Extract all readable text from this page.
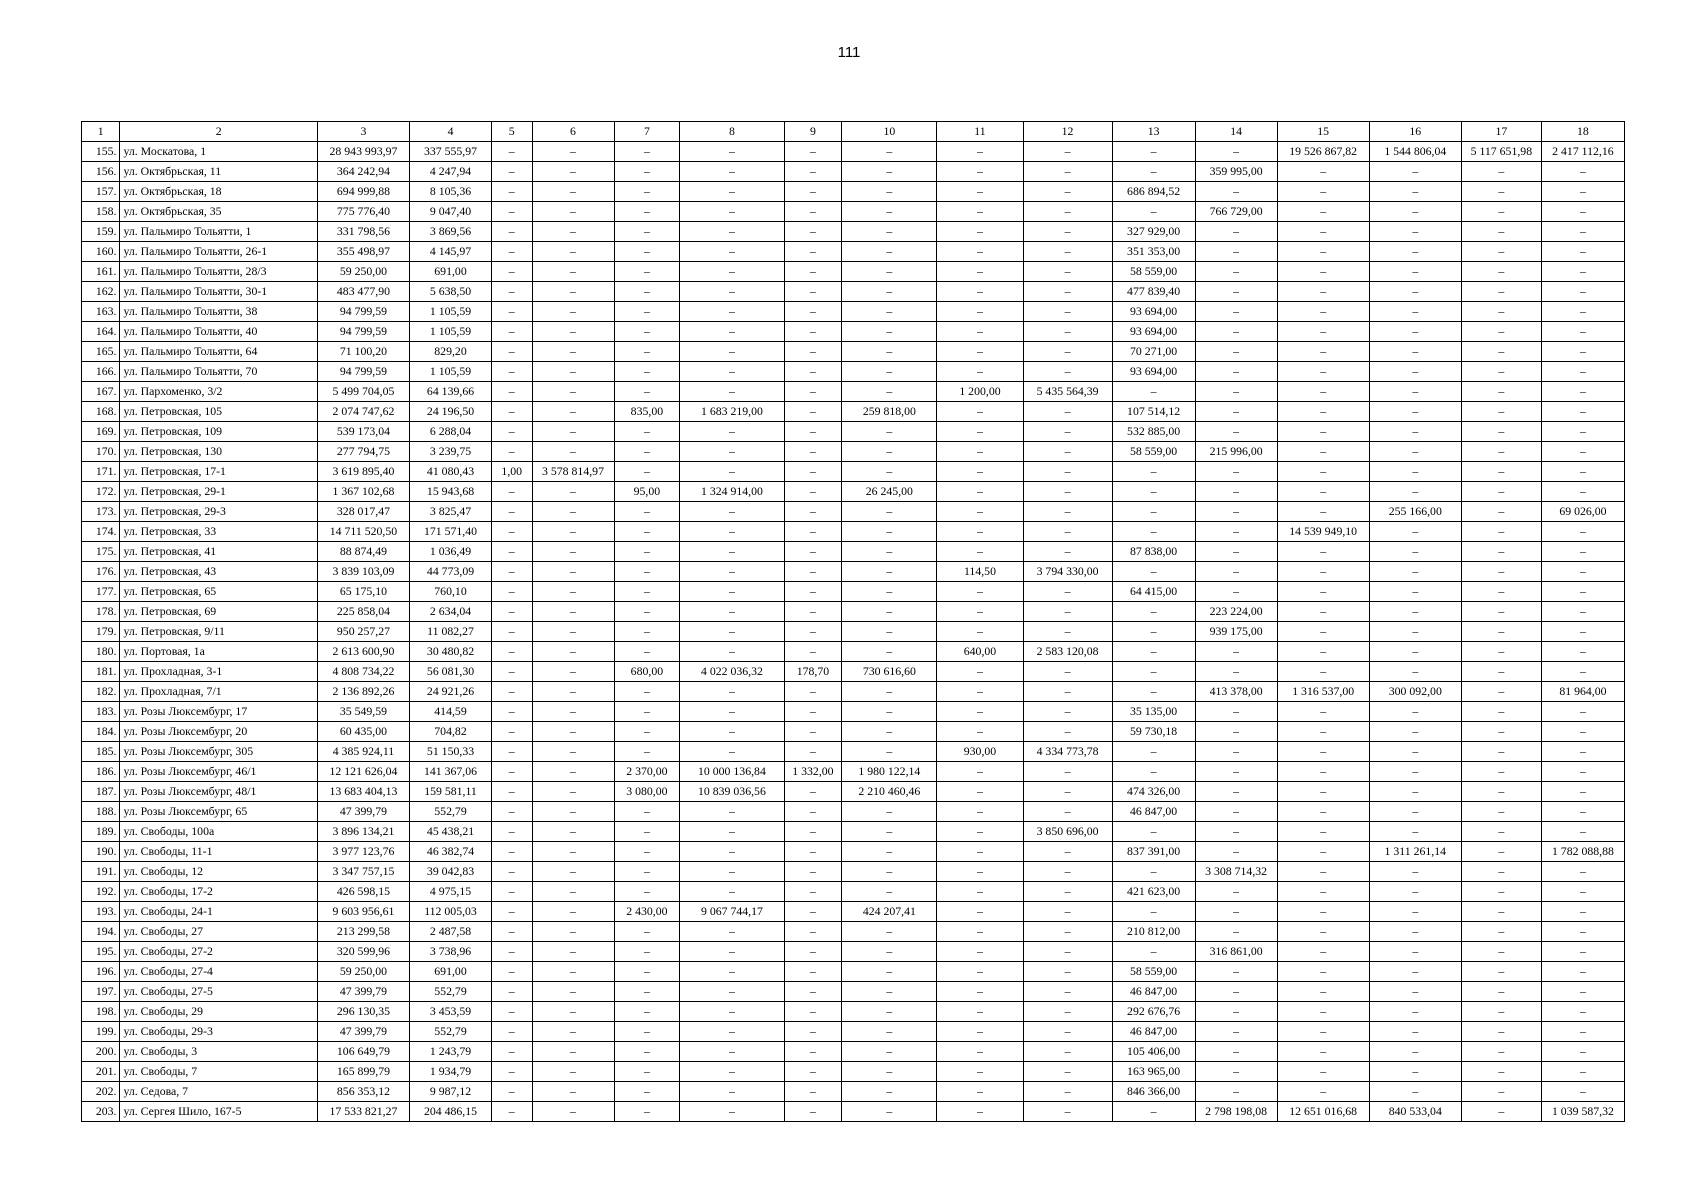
111
1	2	3	4	5	6	7	8	9	10	11	12	13	14	15	16	17	18
155.	ул. Москатова, 1	28 943 993,97	337 555,97	–	–	–	–	–	–	–	–	–	–	19 526 867,82	1 544 806,04	5 117 651,98	2 417 112,16
156.	ул. Октябрьская, 11	364 242,94	4 247,94	–	–	–	–	–	–	–	–	–	359 995,00	–	–	–	–
157.	ул. Октябрьская, 18	694 999,88	8 105,36	–	–	–	–	–	–	–	–	686 894,52	–	–	–	–	–
158.	ул. Октябрьская, 35	775 776,40	9 047,40	–	–	–	–	–	–	–	–	–	766 729,00	–	–	–	–
159.	ул. Пальмиро Тольятти, 1	331 798,56	3 869,56	–	–	–	–	–	–	–	–	327 929,00	–	–	–	–	–
160.	ул. Пальмиро Тольятти, 26-1	355 498,97	4 145,97	–	–	–	–	–	–	–	–	351 353,00	–	–	–	–	–
161.	ул. Пальмиро Тольятти, 28/3	59 250,00	691,00	–	–	–	–	–	–	–	–	58 559,00	–	–	–	–	–
162.	ул. Пальмиро Тольятти, 30-1	483 477,90	5 638,50	–	–	–	–	–	–	–	–	477 839,40	–	–	–	–	–
163.	ул. Пальмиро Тольятти, 38	94 799,59	1 105,59	–	–	–	–	–	–	–	–	93 694,00	–	–	–	–	–
164.	ул. Пальмиро Тольятти, 40	94 799,59	1 105,59	–	–	–	–	–	–	–	–	93 694,00	–	–	–	–	–
165.	ул. Пальмиро Тольятти, 64	71 100,20	829,20	–	–	–	–	–	–	–	–	70 271,00	–	–	–	–	–
166.	ул. Пальмиро Тольятти, 70	94 799,59	1 105,59	–	–	–	–	–	–	–	–	93 694,00	–	–	–	–	–
167.	ул. Пархоменко, 3/2	5 499 704,05	64 139,66	–	–	–	–	–	–	1 200,00	5 435 564,39	–	–	–	–	–	–
168.	ул. Петровская, 105	2 074 747,62	24 196,50	–	–	835,00	1 683 219,00	–	259 818,00	–	–	107 514,12	–	–	–	–	–
169.	ул. Петровская, 109	539 173,04	6 288,04	–	–	–	–	–	–	–	–	532 885,00	–	–	–	–	–
170.	ул. Петровская, 130	277 794,75	3 239,75	–	–	–	–	–	–	–	–	58 559,00	215 996,00	–	–	–	–
171.	ул. Петровская, 17-1	3 619 895,40	41 080,43	1,00	3 578 814,97	–	–	–	–	–	–	–	–	–	–	–	–
172.	ул. Петровская, 29-1	1 367 102,68	15 943,68	–	–	95,00	1 324 914,00	–	26 245,00	–	–	–	–	–	–	–	–
173.	ул. Петровская, 29-3	328 017,47	3 825,47	–	–	–	–	–	–	–	–	–	–	–	255 166,00	–	69 026,00
174.	ул. Петровская, 33	14 711 520,50	171 571,40	–	–	–	–	–	–	–	–	–	–	14 539 949,10	–	–	–
175.	ул. Петровская, 41	88 874,49	1 036,49	–	–	–	–	–	–	–	–	87 838,00	–	–	–	–	–
176.	ул. Петровская, 43	3 839 103,09	44 773,09	–	–	–	–	–	–	114,50	3 794 330,00	–	–	–	–	–	–
177.	ул. Петровская, 65	65 175,10	760,10	–	–	–	–	–	–	–	–	64 415,00	–	–	–	–	–
178.	ул. Петровская, 69	225 858,04	2 634,04	–	–	–	–	–	–	–	–	–	223 224,00	–	–	–	–
179.	ул. Петровская, 9/11	950 257,27	11 082,27	–	–	–	–	–	–	–	–	–	939 175,00	–	–	–	–
180.	ул. Портовая, 1а	2 613 600,90	30 480,82	–	–	–	–	–	–	640,00	2 583 120,08	–	–	–	–	–	–
181.	ул. Прохладная, 3-1	4 808 734,22	56 081,30	–	–	680,00	4 022 036,32	178,70	730 616,60	–	–	–	–	–	–	–	–
182.	ул. Прохладная, 7/1	2 136 892,26	24 921,26	–	–	–	–	–	–	–	–	–	413 378,00	1 316 537,00	300 092,00	–	81 964,00
183.	ул. Розы Люксембург, 17	35 549,59	414,59	–	–	–	–	–	–	–	–	35 135,00	–	–	–	–	–
184.	ул. Розы Люксембург, 20	60 435,00	704,82	–	–	–	–	–	–	–	–	59 730,18	–	–	–	–	–
185.	ул. Розы Люксембург, 305	4 385 924,11	51 150,33	–	–	–	–	–	–	930,00	4 334 773,78	–	–	–	–	–	–
186.	ул. Розы Люксембург, 46/1	12 121 626,04	141 367,06	–	–	2 370,00	10 000 136,84	1 332,00	1 980 122,14	–	–	–	–	–	–	–	–
187.	ул. Розы Люксембург, 48/1	13 683 404,13	159 581,11	–	–	3 080,00	10 839 036,56	–	2 210 460,46	–	–	474 326,00	–	–	–	–	–
188.	ул. Розы Люксембург, 65	47 399,79	552,79	–	–	–	–	–	–	–	–	46 847,00	–	–	–	–	–
189.	ул. Свободы, 100а	3 896 134,21	45 438,21	–	–	–	–	–	–	–	3 850 696,00	–	–	–	–	–	–
190.	ул. Свободы, 11-1	3 977 123,76	46 382,74	–	–	–	–	–	–	–	–	837 391,00	–	–	1 311 261,14	–	1 782 088,88
191.	ул. Свободы, 12	3 347 757,15	39 042,83	–	–	–	–	–	–	–	–	–	3 308 714,32	–	–	–	–
192.	ул. Свободы, 17-2	426 598,15	4 975,15	–	–	–	–	–	–	–	–	421 623,00	–	–	–	–	–
193.	ул. Свободы, 24-1	9 603 956,61	112 005,03	–	–	2 430,00	9 067 744,17	–	424 207,41	–	–	–	–	–	–	–	–
194.	ул. Свободы, 27	213 299,58	2 487,58	–	–	–	–	–	–	–	–	210 812,00	–	–	–	–	–
195.	ул. Свободы, 27-2	320 599,96	3 738,96	–	–	–	–	–	–	–	–	–	316 861,00	–	–	–	–
196.	ул. Свободы, 27-4	59 250,00	691,00	–	–	–	–	–	–	–	–	58 559,00	–	–	–	–	–
197.	ул. Свободы, 27-5	47 399,79	552,79	–	–	–	–	–	–	–	–	46 847,00	–	–	–	–	–
198.	ул. Свободы, 29	296 130,35	3 453,59	–	–	–	–	–	–	–	–	292 676,76	–	–	–	–	–
199.	ул. Свободы, 29-3	47 399,79	552,79	–	–	–	–	–	–	–	–	46 847,00	–	–	–	–	–
200.	ул. Свободы, 3	106 649,79	1 243,79	–	–	–	–	–	–	–	–	105 406,00	–	–	–	–	–
201.	ул. Свободы, 7	165 899,79	1 934,79	–	–	–	–	–	–	–	–	163 965,00	–	–	–	–	–
202.	ул. Седова, 7	856 353,12	9 987,12	–	–	–	–	–	–	–	–	846 366,00	–	–	–	–	–
203.	ул. Сергея Шило, 167-5	17 533 821,27	204 486,15	–	–	–	–	–	–	–	–	–	2 798 198,08	12 651 016,68	840 533,04	–	1 039 587,32
